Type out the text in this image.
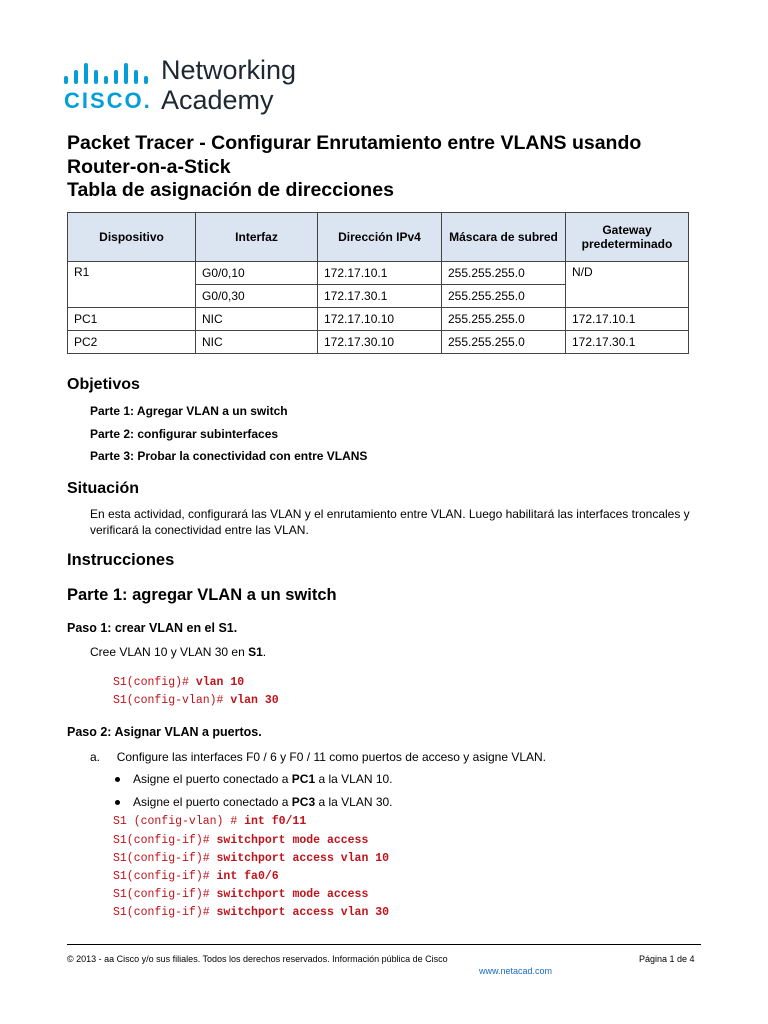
CISCO.
Networking
Academy
Packet Tracer - Configurar Enrutamiento entre VLANS usando
Router-on-a-Stick
Tabla de asignación de direcciones
Dispositivo	Interfaz	Dirección IPv4	Máscara de subred	Gateway predeterminado
R1	G0/0,10	172.17.10.1	255.255.255.0	N/D
	G0/0,30	172.17.30.1	255.255.255.0	
PC1	NIC	172.17.10.10	255.255.255.0	172.17.10.1
PC2	NIC	172.17.30.10	255.255.255.0	172.17.30.1
Objetivos
Parte 1: Agregar VLAN a un switch
Parte 2: configurar subinterfaces
Parte 3: Probar la conectividad con entre VLANS
Situación
En esta actividad, configurará las VLAN y el enrutamiento entre VLAN. Luego habilitará las interfaces troncales y verificará la conectividad entre las VLAN.
Instrucciones
Parte 1: agregar VLAN a un switch
Paso 1: crear VLAN en el S1.
Cree VLAN 10 y VLAN 30 en S1.
S1(config)# vlan 10
S1(config-vlan)# vlan 30
Paso 2: Asignar VLAN a puertos.
a. Configure las interfaces F0 / 6 y F0 / 11 como puertos de acceso y asigne VLAN.
Asigne el puerto conectado a PC1 a la VLAN 10.
Asigne el puerto conectado a PC3 a la VLAN 30.
S1 (config-vlan) # int f0/11
S1(config-if)# switchport mode access
S1(config-if)# switchport access vlan 10
S1(config-if)# int fa0/6
S1(config-if)# switchport mode access
S1(config-if)# switchport access vlan 30
© 2013 - aa Cisco y/o sus filiales. Todos los derechos reservados. Información pública de Cisco	Página 1 de 4
www.netacad.com
